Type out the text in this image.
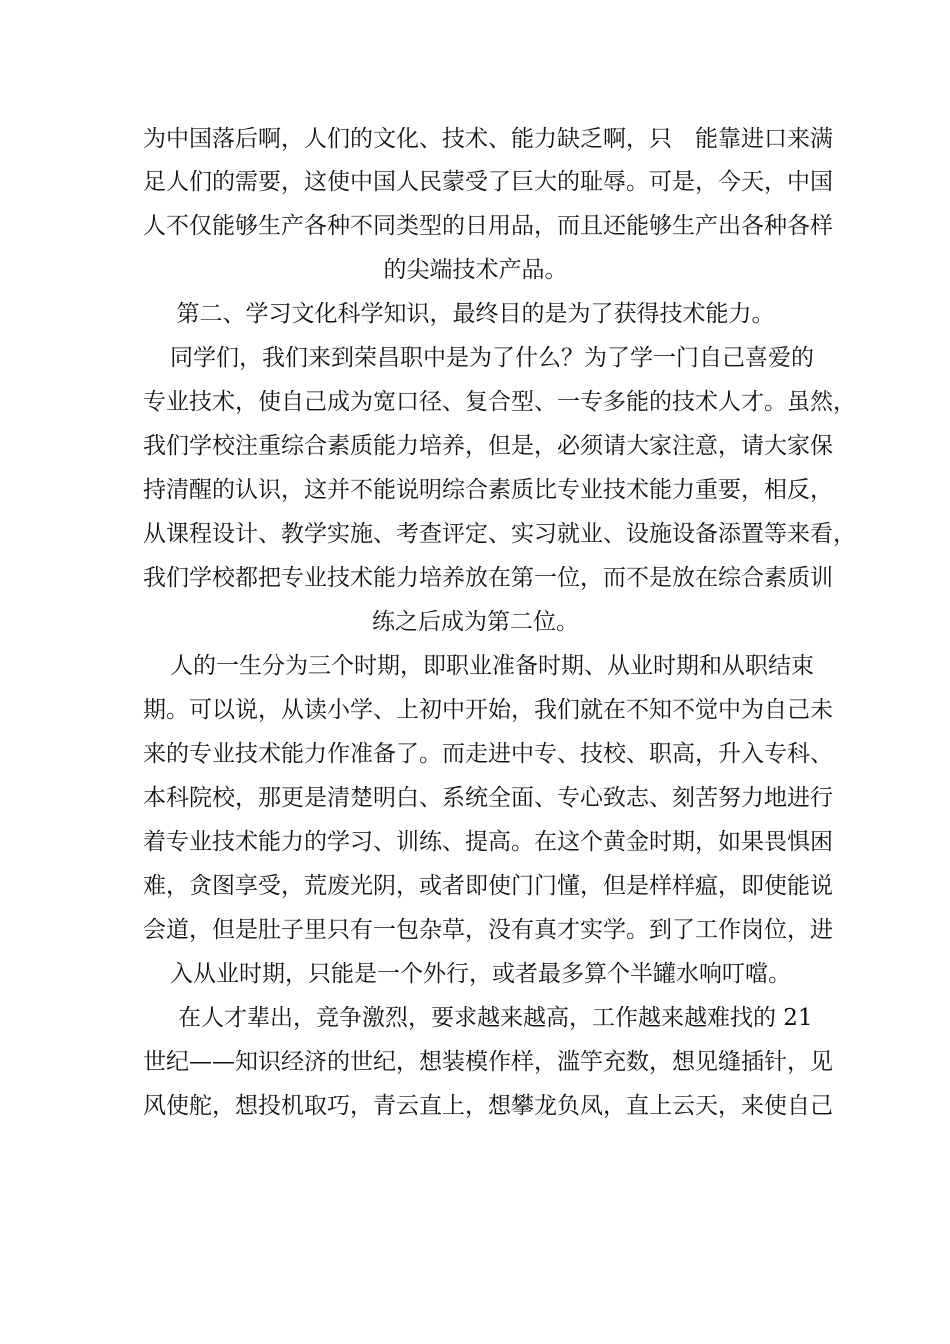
为中国落后啊，人们的文化、技术、能力缺乏啊，只　能靠进口来满
足人们的需要，这使中国人民蒙受了巨大的耻辱。可是，今天，中国
人不仅能够生产各种不同类型的日用品，而且还能够生产出各种各样
的尖端技术产品。
第二、学习文化科学知识，最终目的是为了获得技术能力。
同学们，我们来到荣昌职中是为了什么？为了学一门自己喜爱的
专业技术，使自己成为宽口径、复合型、一专多能的技术人才。虽然，
我们学校注重综合素质能力培养，但是，必须请大家注意，请大家保
持清醒的认识，这并不能说明综合素质比专业技术能力重要，相反，
从课程设计、教学实施、考查评定、实习就业、设施设备添置等来看，
我们学校都把专业技术能力培养放在第一位，而不是放在综合素质训
练之后成为第二位。
人的一生分为三个时期，即职业准备时期、从业时期和从职结束
期。可以说，从读小学、上初中开始，我们就在不知不觉中为自己未
来的专业技术能力作准备了。而走进中专、技校、职高，升入专科、
本科院校，那更是清楚明白、系统全面、专心致志、刻苦努力地进行
着专业技术能力的学习、训练、提高。在这个黄金时期，如果畏惧困
难，贪图享受，荒废光阴，或者即使门门懂，但是样样瘟，即使能说
会道，但是肚子里只有一包杂草，没有真才实学。到了工作岗位，进
入从业时期，只能是一个外行，或者最多算个半罐水响叮噹。
在人才辈出，竞争激烈，要求越来越高，工作越来越难找的 21
世纪——知识经济的世纪，想装模作样，滥竽充数，想见缝插针，见
风使舵，想投机取巧，青云直上，想攀龙负凤，直上云天，来使自己
